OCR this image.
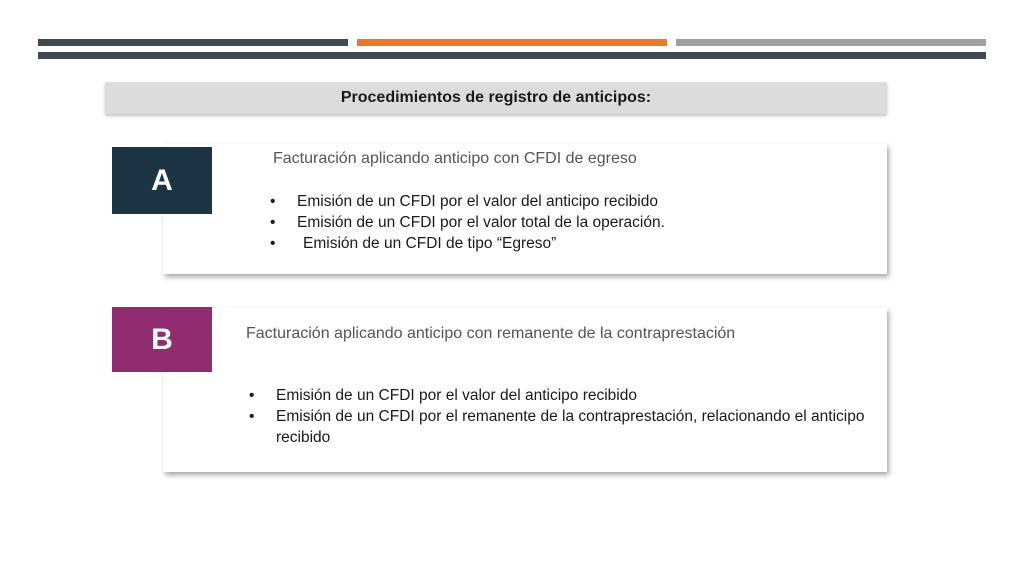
Procedimientos de registro de anticipos:
A
Facturación aplicando anticipo con CFDI de egreso
• Emisión de un CFDI por el valor del anticipo recibido
• Emisión de un CFDI por el valor total de la operación.
• Emisión de un CFDI de tipo “Egreso”
B	Facturación aplicando anticipo con remanente de la contraprestación
• Emisión de un CFDI por el valor del anticipo recibido
• Emisión de un CFDI por el remanente de la contraprestación, relacionando el anticipo recibido
